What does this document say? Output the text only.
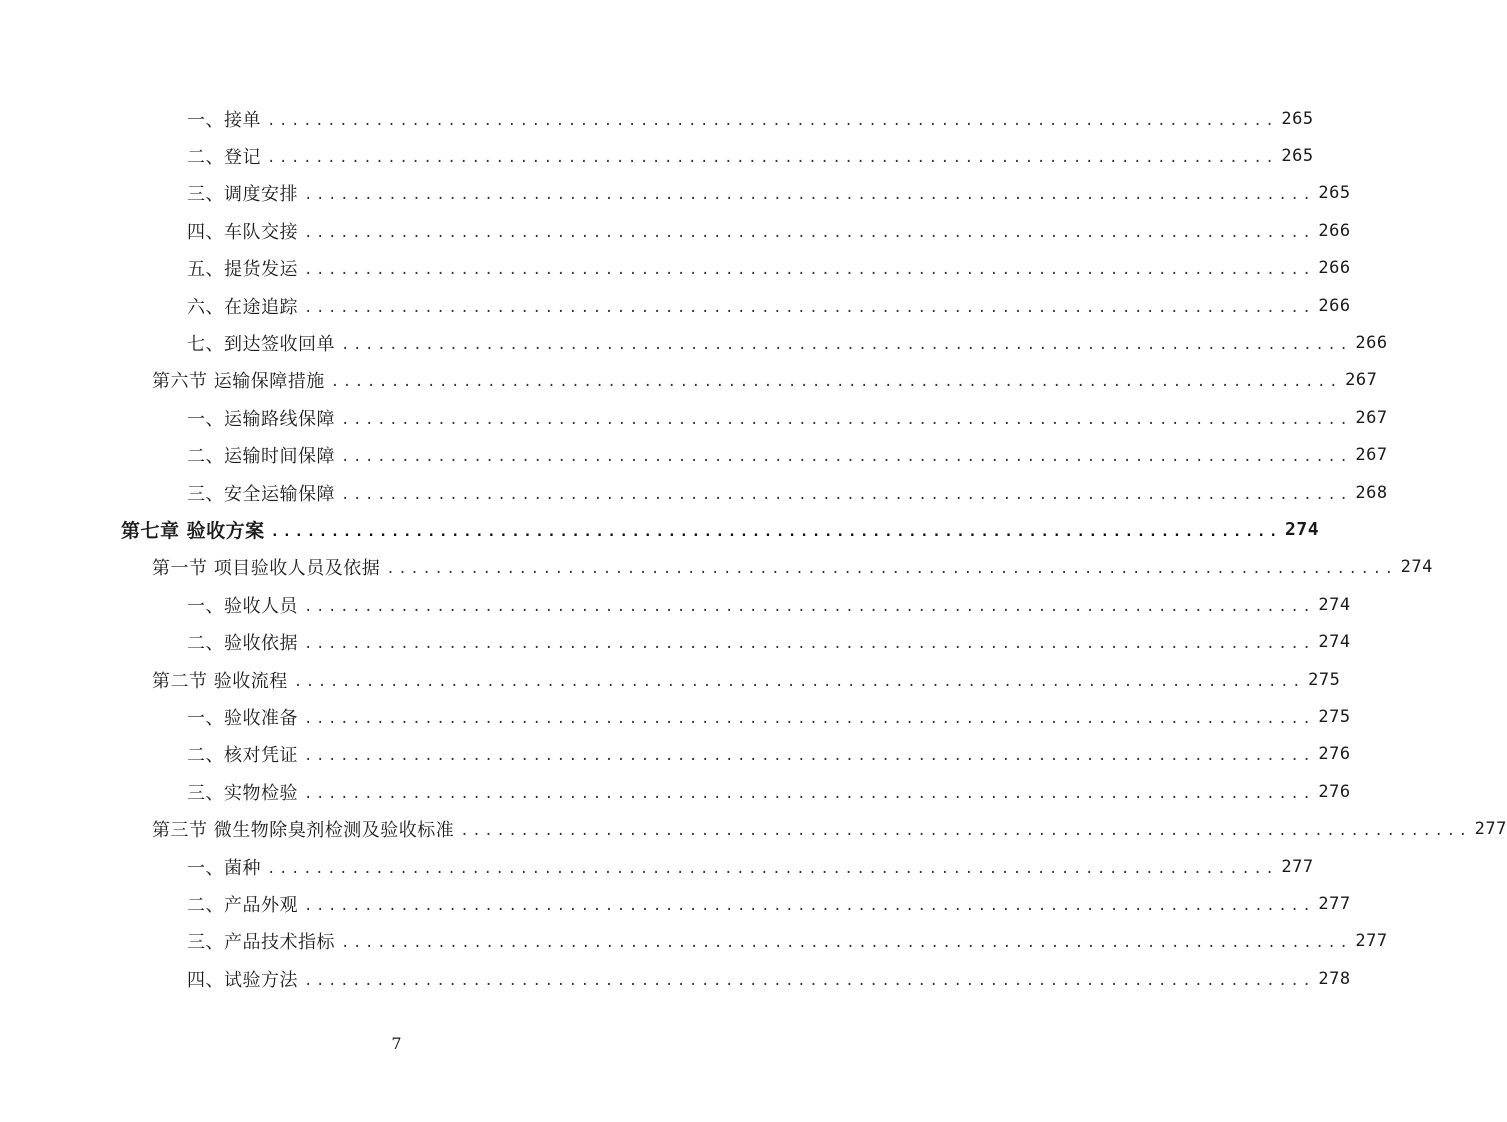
一、接单 .................................................................................... 265
二、登记 .................................................................................... 265
三、调度安排 .................................................................................... 265
四、车队交接 .................................................................................... 266
五、提货发运 .................................................................................... 266
六、在途追踪 .................................................................................... 266
七、到达签收回单 .................................................................................... 266
第六节 运输保障措施 .................................................................................... 267
一、运输路线保障 .................................................................................... 267
二、运输时间保障 .................................................................................... 267
三、安全运输保障 .................................................................................... 268
第七章 验收方案 .................................................................................... 274
第一节 项目验收人员及依据 .................................................................................... 274
一、验收人员 .................................................................................... 274
二、验收依据 .................................................................................... 274
第二节 验收流程 .................................................................................... 275
一、验收准备 .................................................................................... 275
二、核对凭证 .................................................................................... 276
三、实物检验 .................................................................................... 276
第三节 微生物除臭剂检测及验收标准 .................................................................................... 277
一、菌种 .................................................................................... 277
二、产品外观 .................................................................................... 277
三、产品技术指标 .................................................................................... 277
四、试验方法 .................................................................................... 278
7
